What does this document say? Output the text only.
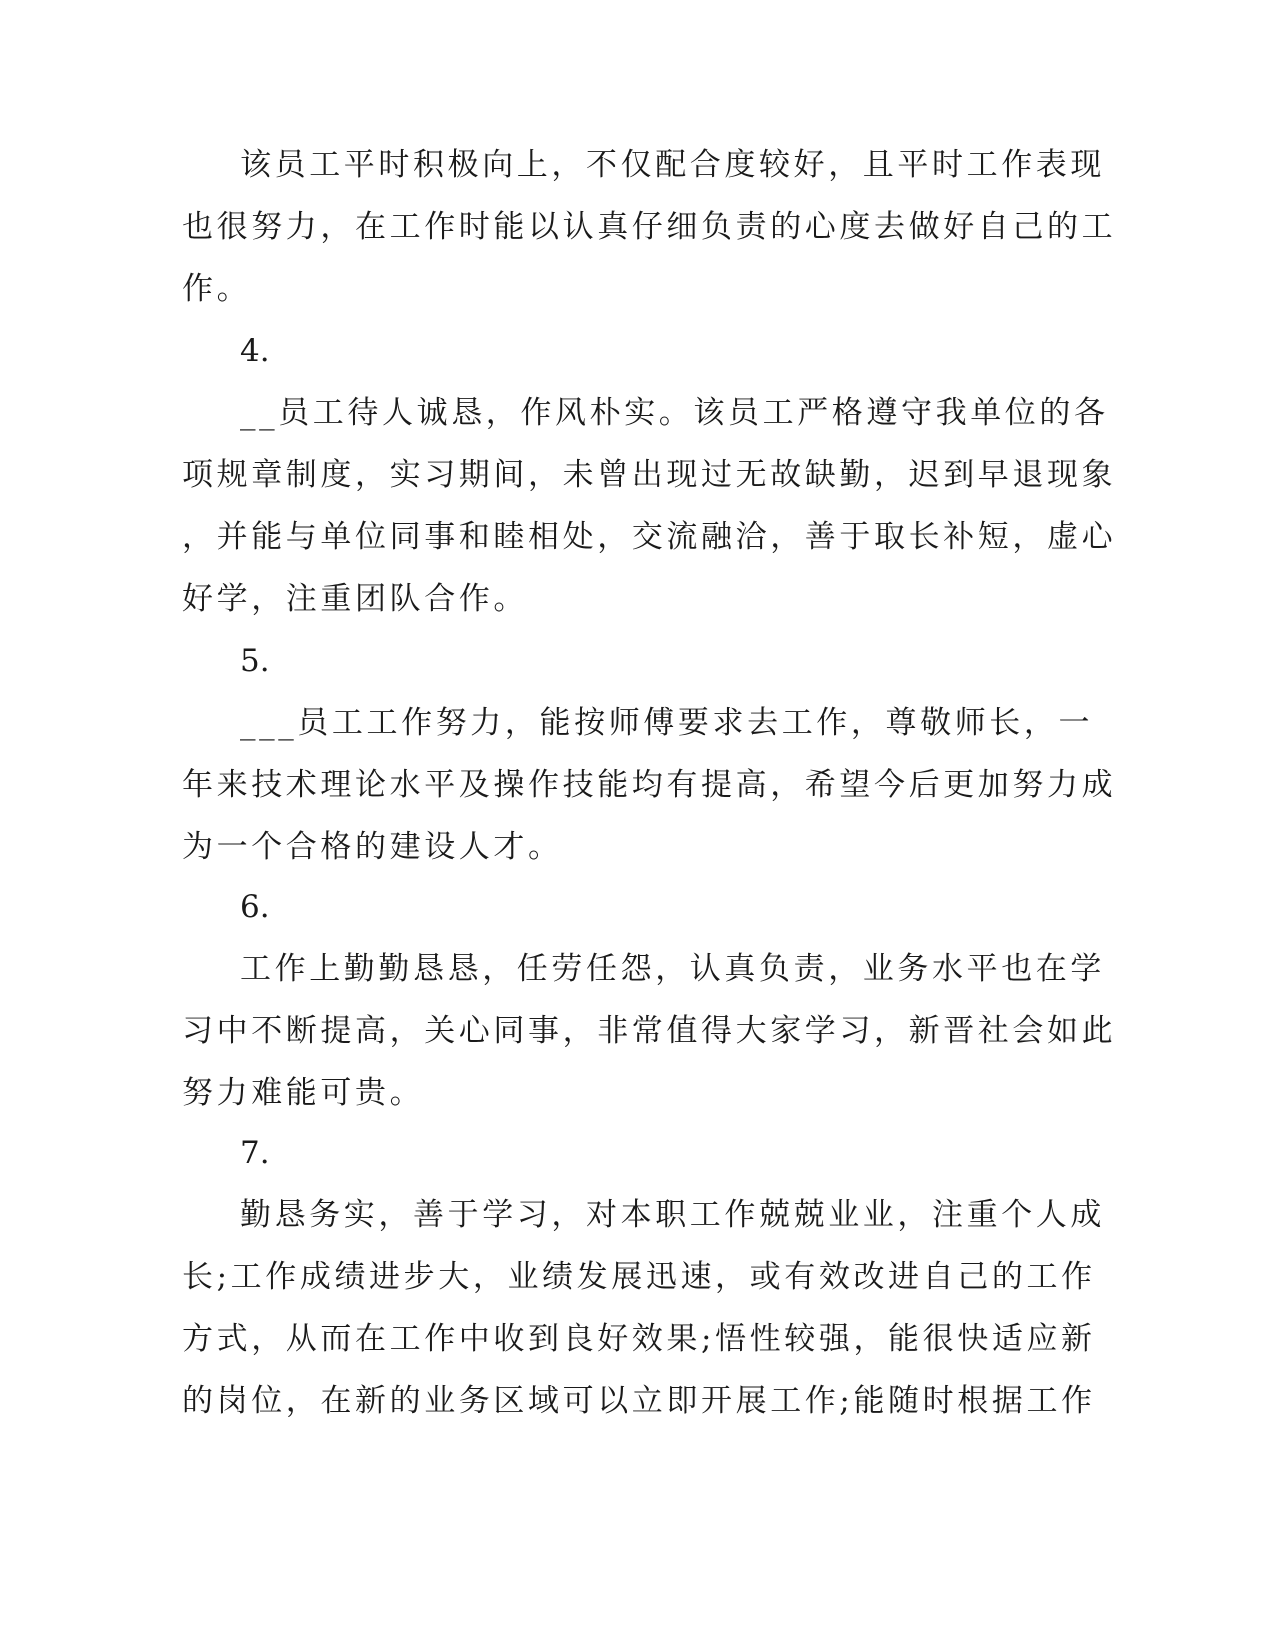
该员工平时积极向上，不仅配合度较好，且平时工作表现
也很努力，在工作时能以认真仔细负责的心度去做好自己的工
作。
4.
__员工待人诚恳，作风朴实。该员工严格遵守我单位的各
项规章制度，实习期间，未曾出现过无故缺勤，迟到早退现象
，并能与单位同事和睦相处，交流融洽，善于取长补短，虚心
好学，注重团队合作。
5.
___员工工作努力，能按师傅要求去工作，尊敬师长，一
年来技术理论水平及操作技能均有提高，希望今后更加努力成
为一个合格的建设人才。
6.
工作上勤勤恳恳，任劳任怨，认真负责，业务水平也在学
习中不断提高，关心同事，非常值得大家学习，新晋社会如此
努力难能可贵。
7.
勤恳务实，善于学习，对本职工作兢兢业业，注重个人成
长;工作成绩进步大，业绩发展迅速，或有效改进自己的工作
方式，从而在工作中收到良好效果;悟性较强，能很快适应新
的岗位，在新的业务区域可以立即开展工作;能随时根据工作
